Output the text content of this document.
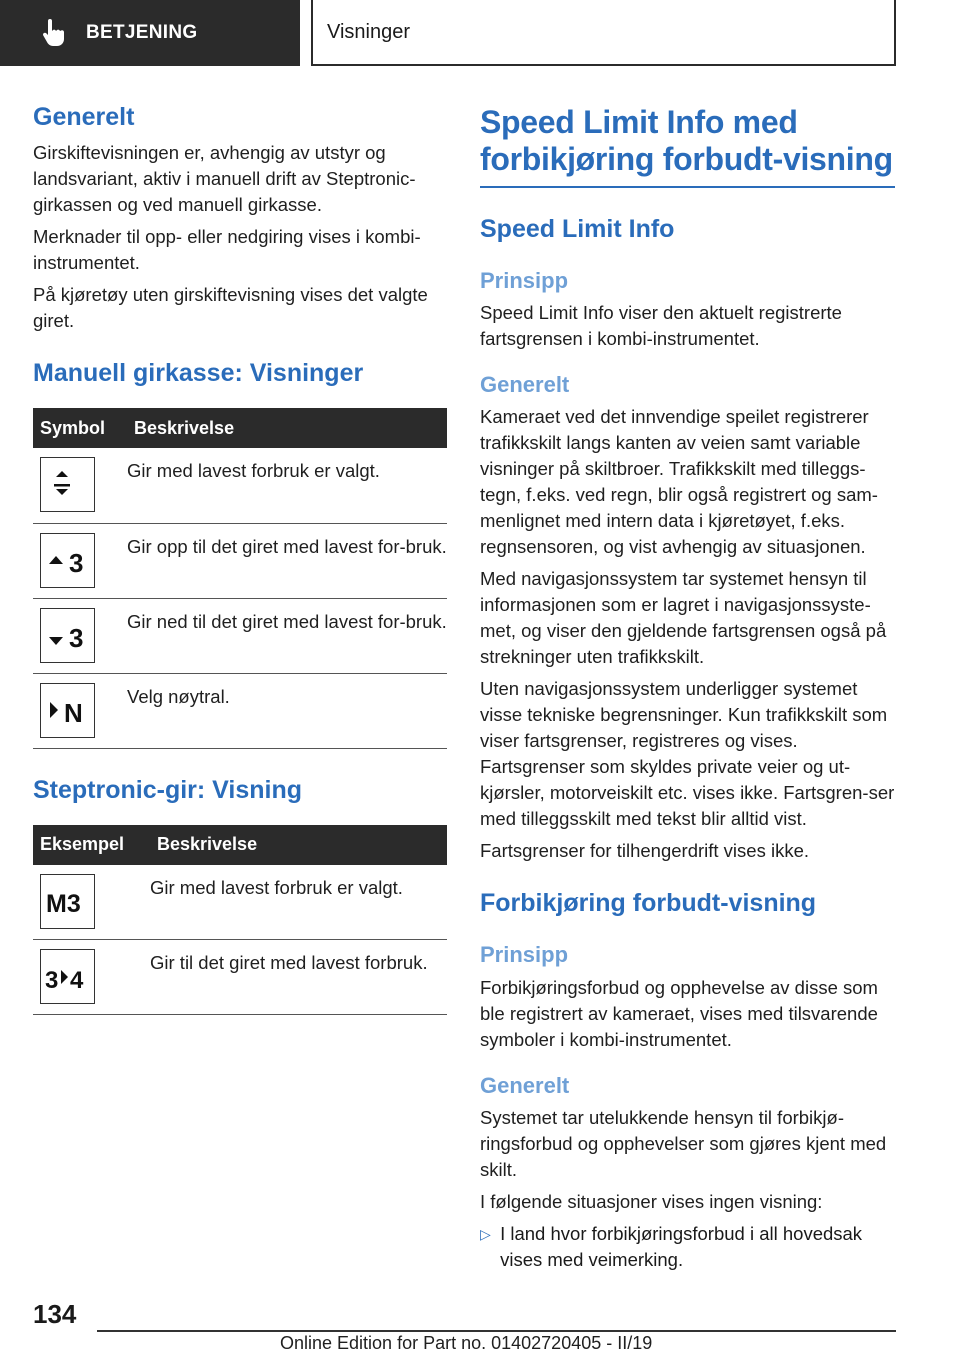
BETJENING	Visninger
Generelt

Girskiftevisningen er, avhengig av utstyr og landsvariant, aktiv i manuell drift av Steptronic-girkassen og ved manuell girkasse.

Merknader til opp- eller nedgiring vises i kombi-instrumentet.

På kjøretøy uten girskiftevisning vises det valgte giret.

Manuell girkasse: Visninger
Symbol	Beskrivelse

	Gir med lavest forbruk er valgt.

3	Gir opp til det giret med lavest for-bruk.

3	Gir ned til det giret med lavest for-bruk.

N	Velg nøytral.
Steptronic-gir: Visning
Eksempel	Beskrivelse

M3	Gir med lavest forbruk er valgt.

3 4	Gir til det giret med lavest forbruk.
Speed Limit Info med forbikjøring forbudt-visning
Speed Limit Info
Prinsipp

Speed Limit Info viser den aktuelt registrerte fartsgrensen i kombi-instrumentet.

Generelt

Kameraet ved det innvendige speilet registrerer trafikkskilt langs kanten av veien samt variable visninger på skiltbroer. Trafikkskilt med tilleggs-tegn, f.eks. ved regn, blir også registrert og sam-menlignet med intern data i kjøretøyet, f.eks. regnsensoren, og vist avhengig av situasjonen.

Med navigasjonssystem tar systemet hensyn til informasjonen som er lagret i navigasjonssyste-met, og viser den gjeldende fartsgrensen også på strekninger uten trafikkskilt.

Uten navigasjonssystem underligger systemet visse tekniske begrensninger. Kun trafikkskilt som viser fartsgrenser, registreres og vises. Fartsgrenser som skyldes private veier og ut-kjørsler, motorveiskilt etc. vises ikke. Fartsgren-ser med tilleggsskilt med tekst blir alltid vist.

Fartsgrenser for tilhengerdrift vises ikke.

Forbikjøring forbudt-visning
Prinsipp

Forbikjøringsforbud og opphevelse av disse som ble registrert av kameraet, vises med tilsvarende symboler i kombi-instrumentet.

Generelt

Systemet tar utelukkende hensyn til forbikjø-ringsforbud og opphevelser som gjøres kjent med skilt.

I følgende situasjoner vises ingen visning:

▷ I land hvor forbikjøringsforbud i all hovedsak vises med veimerking.
134
Online Edition for Part no. 01402720405 - II/19
